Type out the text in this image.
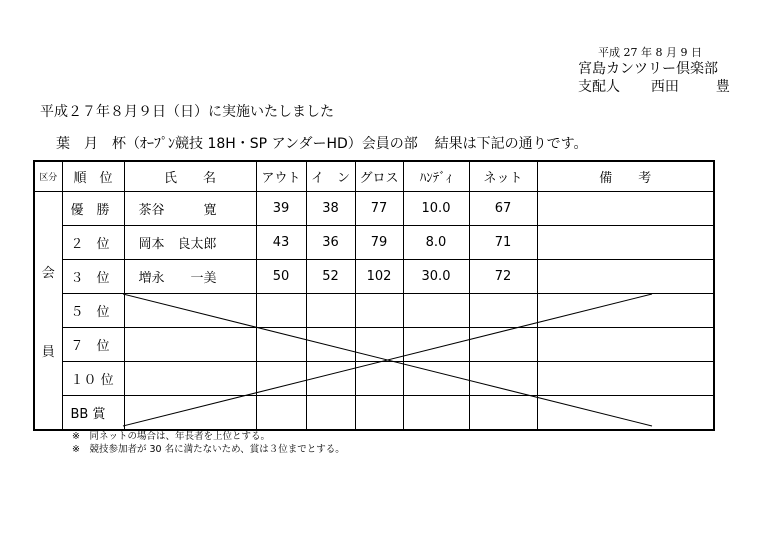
平成 27 年 8 月 9 日
宮島カンツリー倶楽部
支配人 西田	豊
平成２７年８月９日（日）に実施いたしました
葉　月　杯（ｵｰﾌﾟﾝ競技 18H・SP アンダーHD）会員の部 結果は下記の通りです。
区分	順　位	氏　　名	アウト	イ　ン	グロス	ﾊﾝﾃﾞｨ	ネット	備　　考

会
員	優　勝	茶谷　　　寛	39	38	77	10.0	67	
	２　位	岡本　良太郎	43	36	79	8.0	71	
	３　位	増永　　一美	50	52	102	30.0	72	
	５　位							
	７　位							
	１０ 位							
	BB 賞							
※　同ネットの場合は、年長者を上位とする。
※　競技参加者が 30 名に満たないため、賞は３位までとする。
